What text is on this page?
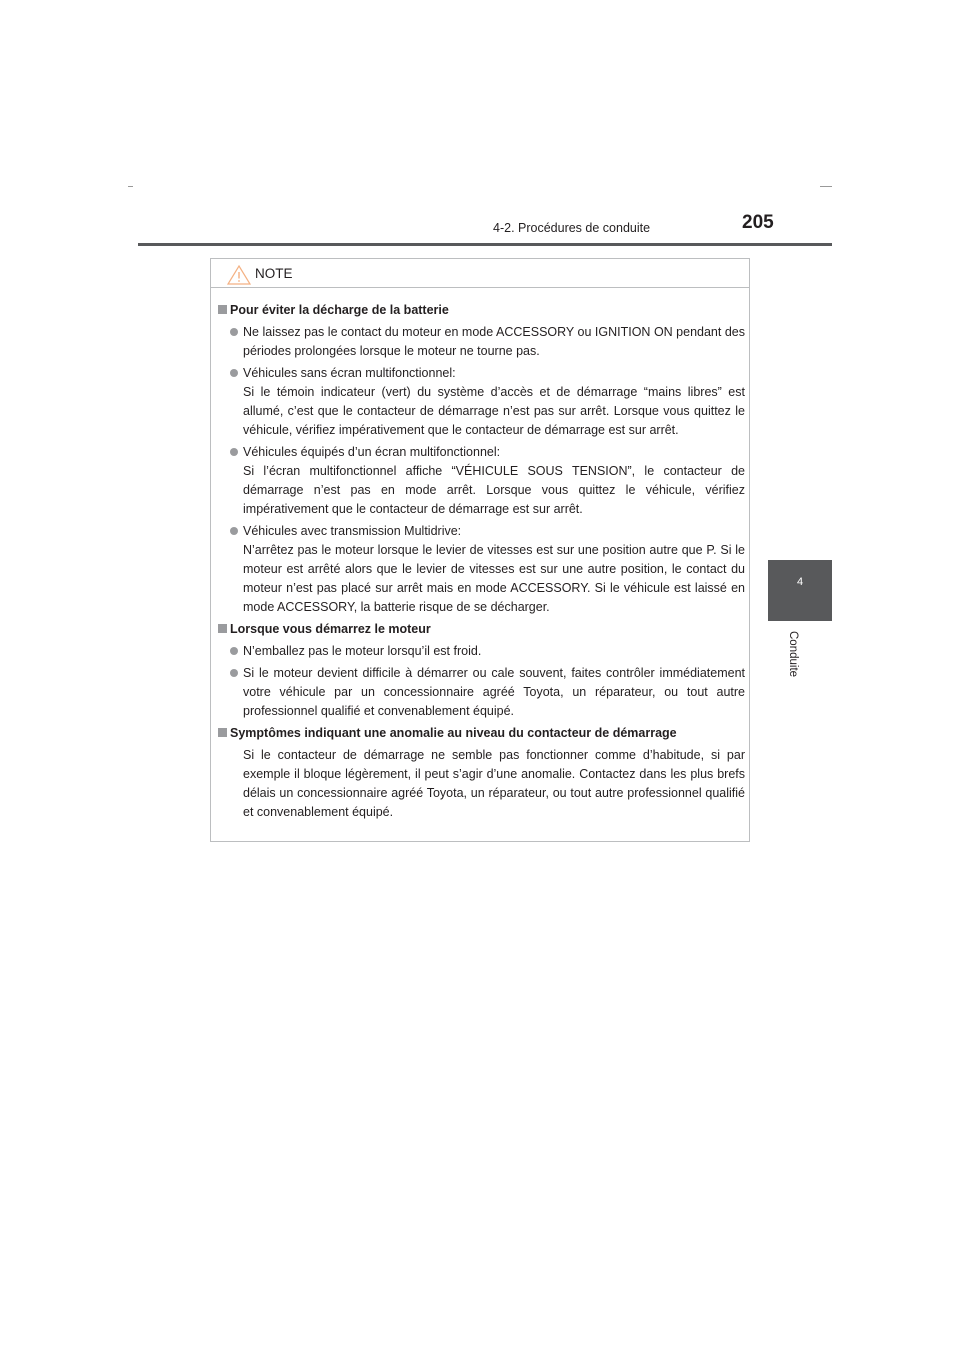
4-2. Procédures de conduite	205
4
Conduite
NOTE
Pour éviter la décharge de la batterie

Ne laissez pas le contact du moteur en mode ACCESSORY ou IGNITION ON pendant des périodes prolongées lorsque le moteur ne tourne pas.

Véhicules sans écran multifonctionnel:

Si le témoin indicateur (vert) du système d’accès et de démarrage “mains libres” est allumé, c’est que le contacteur de démarrage n’est pas sur arrêt. Lorsque vous quittez le véhicule, vérifiez impérativement que le contacteur de démarrage est sur arrêt.

Véhicules équipés d’un écran multifonctionnel:

Si l’écran multifonctionnel affiche “VÉHICULE SOUS TENSION”, le contacteur de démarrage n’est pas en mode arrêt. Lorsque vous quittez le véhicule, vérifiez impérativement que le contacteur de démarrage est sur arrêt.

Véhicules avec transmission Multidrive:

N’arrêtez pas le moteur lorsque le levier de vitesses est sur une position autre que P. Si le moteur est arrêté alors que le levier de vitesses est sur une autre position, le contact du moteur n’est pas placé sur arrêt mais en mode ACCESSORY. Si le véhicule est laissé en mode ACCESSORY, la batterie risque de se décharger.

Lorsque vous démarrez le moteur

N’emballez pas le moteur lorsqu’il est froid.

Si le moteur devient difficile à démarrer ou cale souvent, faites contrôler immédiatement votre véhicule par un concessionnaire agréé Toyota, un réparateur, ou tout autre professionnel qualifié et convenablement équipé.

Symptômes indiquant une anomalie au niveau du contacteur de démarrage

Si le contacteur de démarrage ne semble pas fonctionner comme d’habitude, si par exemple il bloque légèrement, il peut s’agir d’une anomalie. Contactez dans les plus brefs délais un concessionnaire agréé Toyota, un réparateur, ou tout autre professionnel qualifié et convenablement équipé.
